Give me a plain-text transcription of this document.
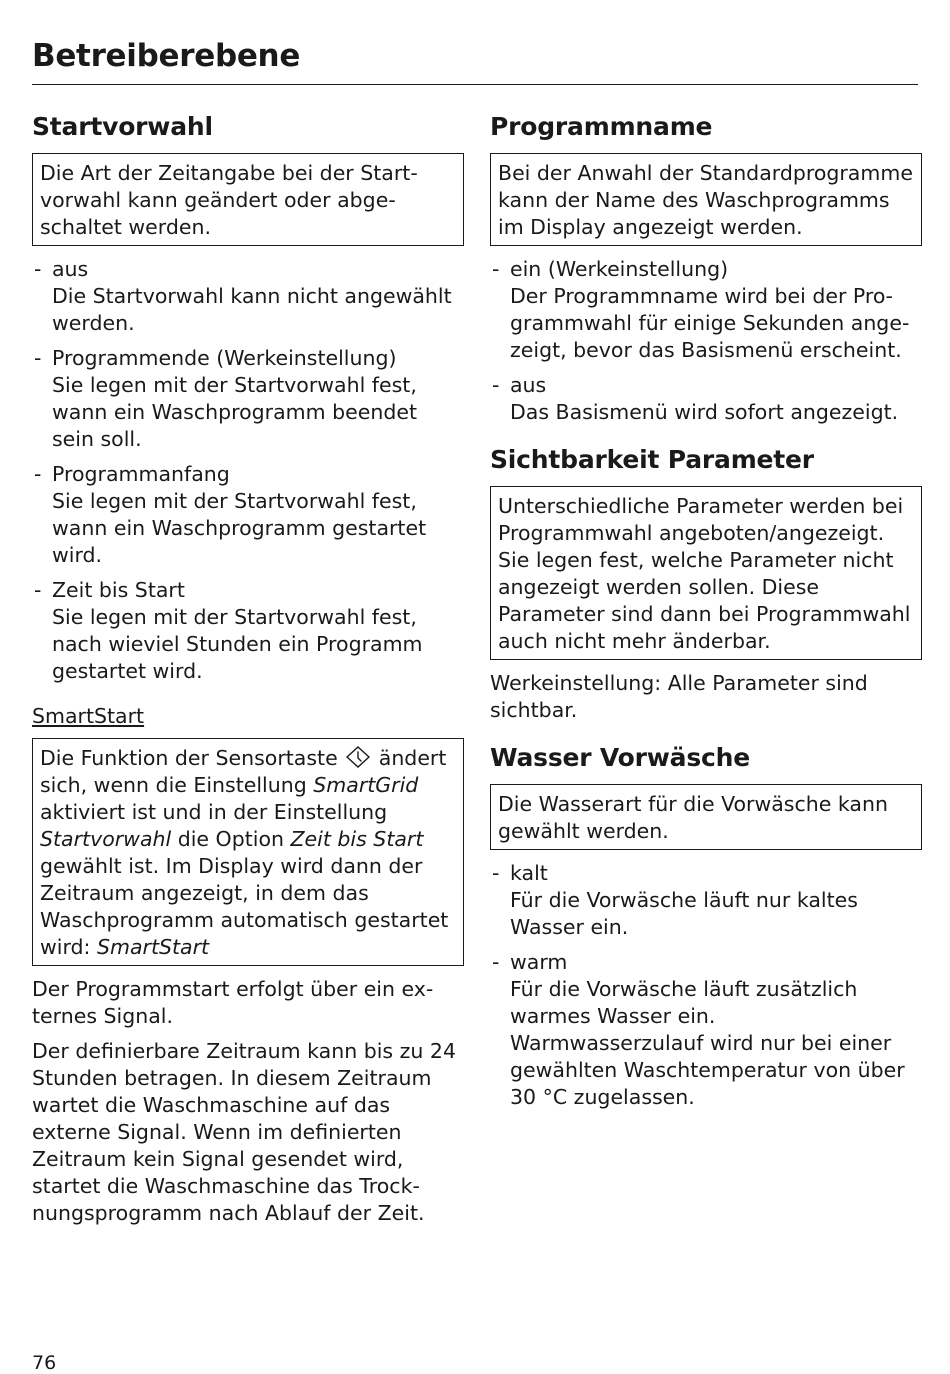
Betreiberebene
Startvorwahl

Die Art der Zeitangabe bei der Startvorwahl kann geändert oder abgeschaltet werden.

- aus
Die Startvorwahl kann nicht angewählt werden.
- Programmende (Werkeinstellung)
Sie legen mit der Startvorwahl fest, wann ein Waschprogramm beendet sein soll.
- Programmanfang
Sie legen mit der Startvorwahl fest, wann ein Waschprogramm gestartet wird.
- Zeit bis Start
Sie legen mit der Startvorwahl fest, nach wieviel Stunden ein Programm gestartet wird.
SmartStart

Die Funktion der Sensortaste  ändert sich, wenn die Einstellung SmartGrid aktiviert ist und in der Einstellung Startvorwahl die Option Zeit bis Start gewählt ist. Im Display wird dann der Zeitraum angezeigt, in dem das Waschprogramm automatisch gestartet wird: SmartStart

Der Programmstart erfolgt über ein externes Signal.

Der definierbare Zeitraum kann bis zu 24 Stunden betragen. In diesem Zeitraum wartet die Waschmaschine auf das externe Signal. Wenn im definierten Zeitraum kein Signal gesendet wird, startet die Waschmaschine das Trocknungsprogramm nach Ablauf der Zeit.

Programmname

Bei der Anwahl der Standardprogramme kann der Name des Waschprogramms im Display angezeigt werden.

- ein (Werkeinstellung)
Der Programmname wird bei der Programmwahl für einige Sekunden angezeigt, bevor das Basismenü erscheint.
- aus
Das Basismenü wird sofort angezeigt.
Sichtbarkeit Parameter

Unterschiedliche Parameter werden bei Programmwahl angeboten/angezeigt. Sie legen fest, welche Parameter nicht angezeigt werden sollen. Diese Parameter sind dann bei Programmwahl auch nicht mehr änderbar.

Werkeinstellung: Alle Parameter sind sichtbar.

Wasser Vorwäsche

Die Wasserart für die Vorwäsche kann gewählt werden.

- kalt
Für die Vorwäsche läuft nur kaltes Wasser ein.
- warm
Für die Vorwäsche läuft zusätzlich warmes Wasser ein.
Warmwasserzulauf wird nur bei einer gewählten Waschtemperatur von über 30 °C zugelassen.
76
